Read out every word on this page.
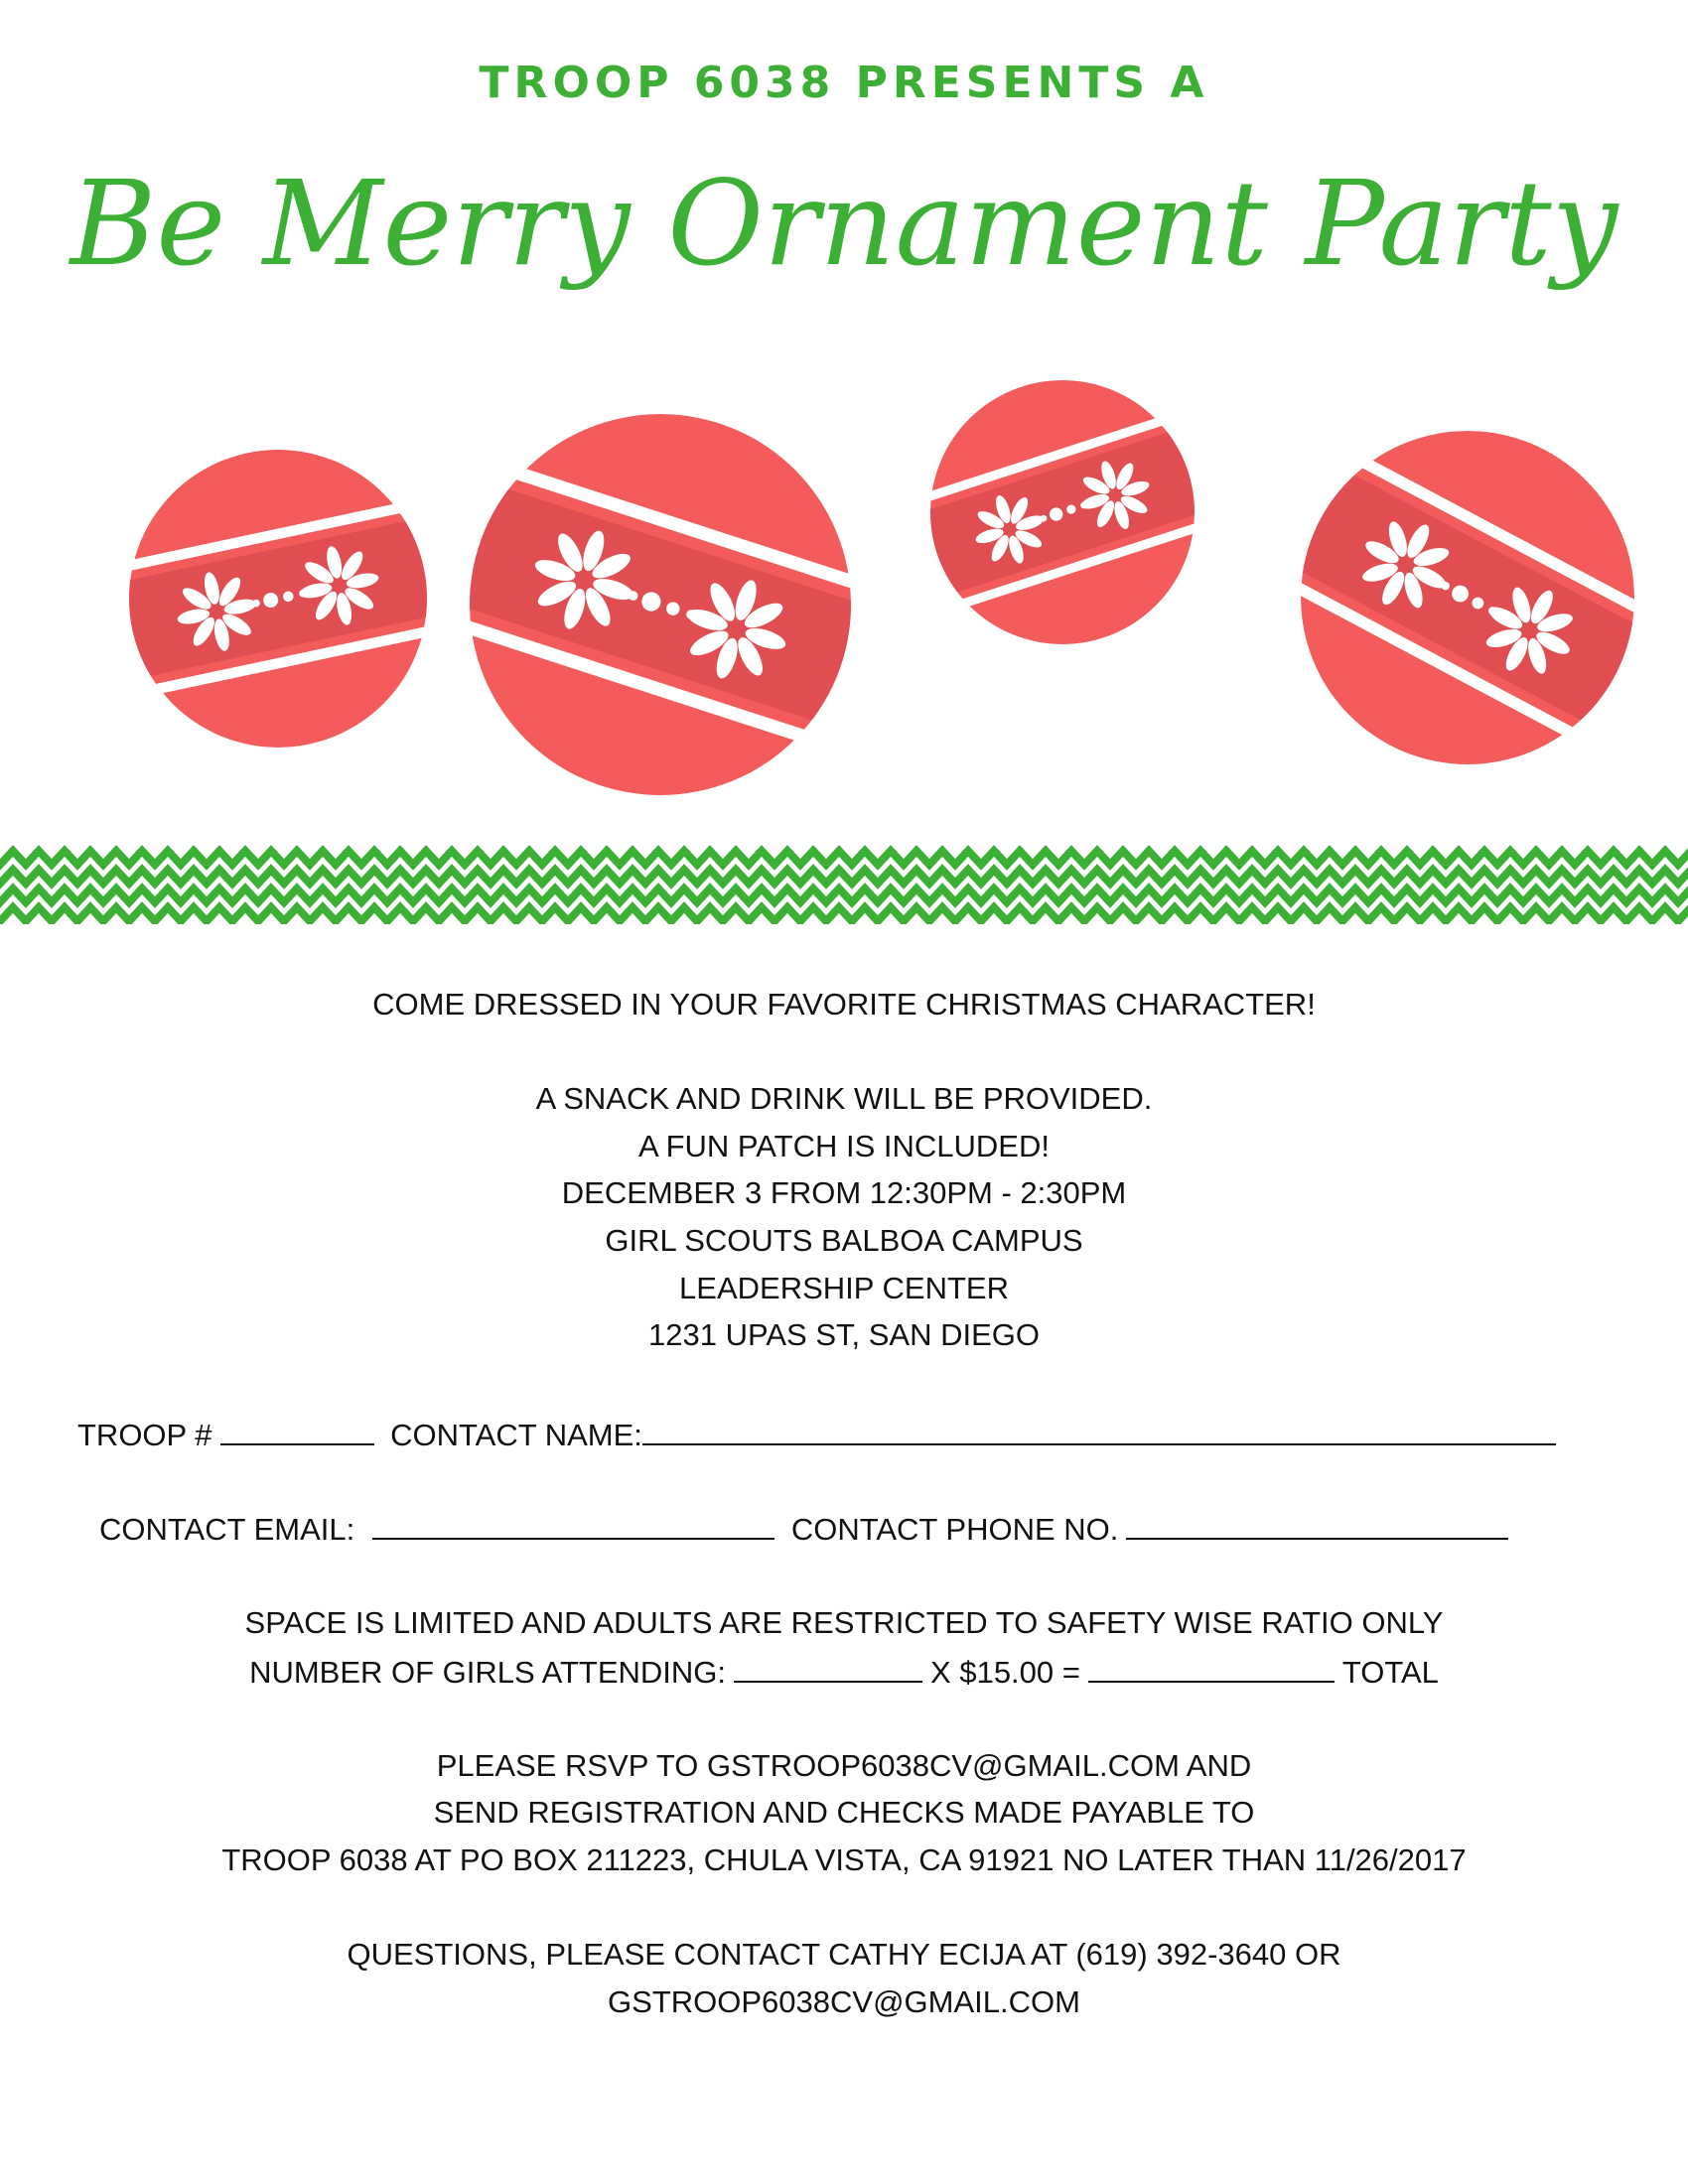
TROOP 6038 PRESENTS A
Be Merry Ornament Party
COME DRESSED IN YOUR FAVORITE CHRISTMAS CHARACTER!
A SNACK AND DRINK WILL BE PROVIDED.
A FUN PATCH IS INCLUDED!
DECEMBER 3 FROM 12:30PM - 2:30PM
GIRL SCOUTS BALBOA CAMPUS
LEADERSHIP CENTER
1231 UPAS ST, SAN DIEGO
TROOP #	CONTACT NAME:
CONTACT EMAIL:	CONTACT PHONE NO.
SPACE IS LIMITED AND ADULTS ARE RESTRICTED TO SAFETY WISE RATIO ONLY
NUMBER OF GIRLS ATTENDING:	X $15.00 =	TOTAL
PLEASE RSVP TO GSTROOP6038CV@GMAIL.COM AND
SEND REGISTRATION AND CHECKS MADE PAYABLE TO
TROOP 6038 AT PO BOX 211223, CHULA VISTA, CA 91921 NO LATER THAN 11/26/2017
QUESTIONS, PLEASE CONTACT CATHY ECIJA AT (619) 392-3640 OR
GSTROOP6038CV@GMAIL.COM
